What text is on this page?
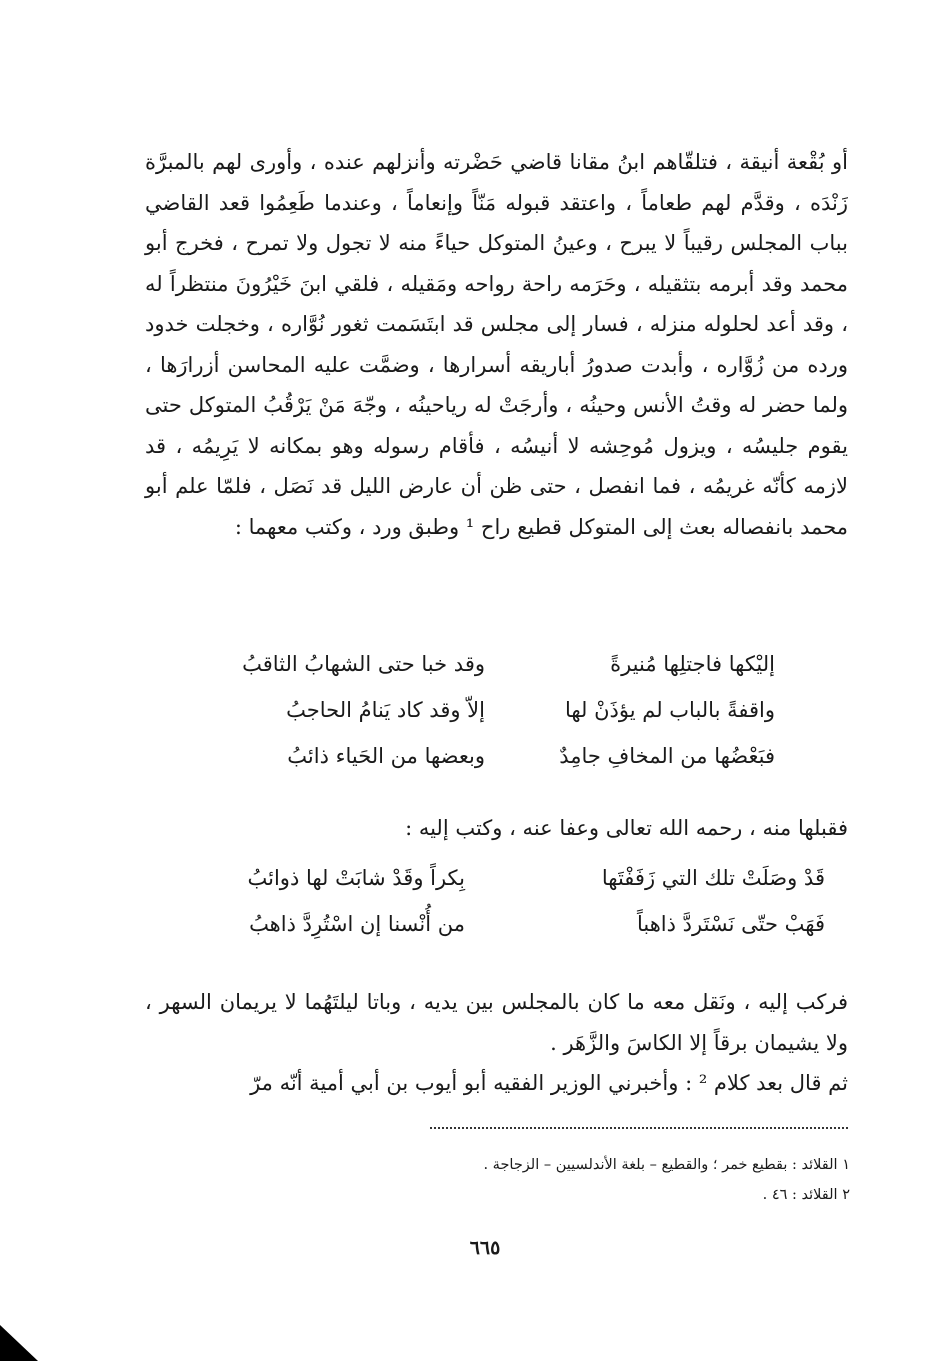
أو بُقْعة أنيقة ، فتلقّاهم ابنُ مقانا قاضي حَضْرته وأنزلهم عنده ، وأورى لهم بالمبرَّة زَنْدَه ، وقدَّم لهم طعاماً ، واعتقد قبوله مَنّاً وإنعاماً ، وعندما طَعِمُوا قعد القاضي بباب المجلس رقيباً لا يبرح ، وعينُ المتوكل حياءً منه لا تجول ولا تمرح ، فخرج أبو محمد وقد أبرمه بتثقيله ، وحَرَمه راحة رواحه ومَقيله ، فلقي ابنَ خَيْرُونَ منتظراً له ، وقد أعد لحلوله منزله ، فسار إلى مجلس قد ابتَسَمت ثغور نُوَّاره ، وخجلت خدود ورده من زُوَّاره ، وأبدت صدورُ أباريقه أسرارها ، وضمَّت عليه المحاسن أزرارَها ، ولما حضر له وقتُ الأنس وحينُه ، وأرجَتْ له رياحينُه ، وجّهَ مَنْ يَرْقُبُ المتوكل حتى يقوم جليسُه ، ويزول مُوحِشه لا أنيسُه ، فأقام رسوله وهو بمكانه لا يَرِيمُه ، قد لازمه كأنّه غريمُه ، فما انفصل ، حتى ظن أن عارض الليل قد نَصَل ، فلمّا علم أبو محمد بانفصاله بعث إلى المتوكل قطيع راح ¹ وطبق ورد ، وكتب معهما :

إليْكها فاجتلِها مُنيرةً
وقد خبا حتى الشهابُ الثاقبُ
واقفةً بالباب لم يؤذَنْ لها
إلاّ وقد كاد يَنامُ الحاجبُ
فبَعْضُها من المخافِ جامِدٌ
وبعضها من الحَياء ذائبُ

فقبلها منه ، رحمه الله تعالى وعفا عنه ، وكتب إليه :

قَدْ وصَلَتْ تلك التي زَفَفْتَها
بِكراً وقَدْ شابَتْ لها ذوائبُ
فَهَبْ حتّى نَسْتَردَّ ذاهباً
من أُنْسنا إن اسْتُرِدَّ ذاهبُ

فركب إليه ، ونَقل معه ما كان بالمجلس بين يديه ، وباتا ليلتَهُما لا يريمان السهر ، ولا يشيمان برقاً إلا الكاسَ والزَّهَر .

ثم قال بعد كلام ² : وأخبرني الوزير الفقيه أبو أيوب بن أبي أمية أنّه مرّ

١ القلائد : بقطيع خمر ؛ والقطيع – بلغة الأندلسيين – الزجاجة .
٢ القلائد : ٤٦ .
٦٦٥
